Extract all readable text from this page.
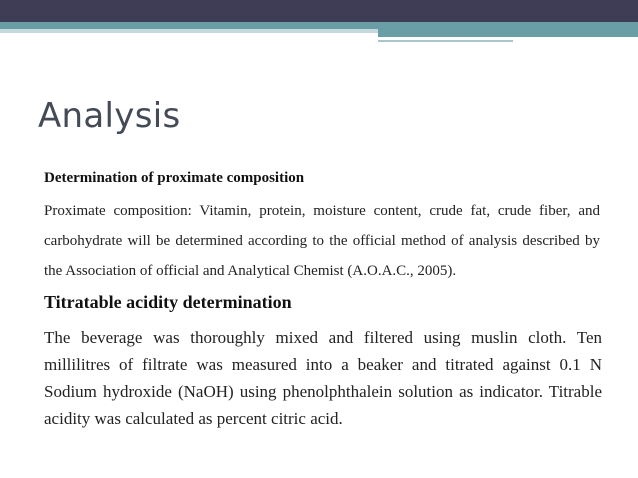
Analysis

Determination of proximate composition

Proximate composition: Vitamin, protein, moisture content, crude fat, crude fiber, and carbohydrate will be determined according to the official method of analysis described by the Association of official and Analytical Chemist (A.O.A.C., 2005).

Titratable acidity determination

The beverage was thoroughly mixed and filtered using muslin cloth. Ten millilitres of filtrate was measured into a beaker and titrated against 0.1 N Sodium hydroxide (NaOH) using phenolphthalein solution as indicator. Titrable acidity was calculated as percent citric acid.
